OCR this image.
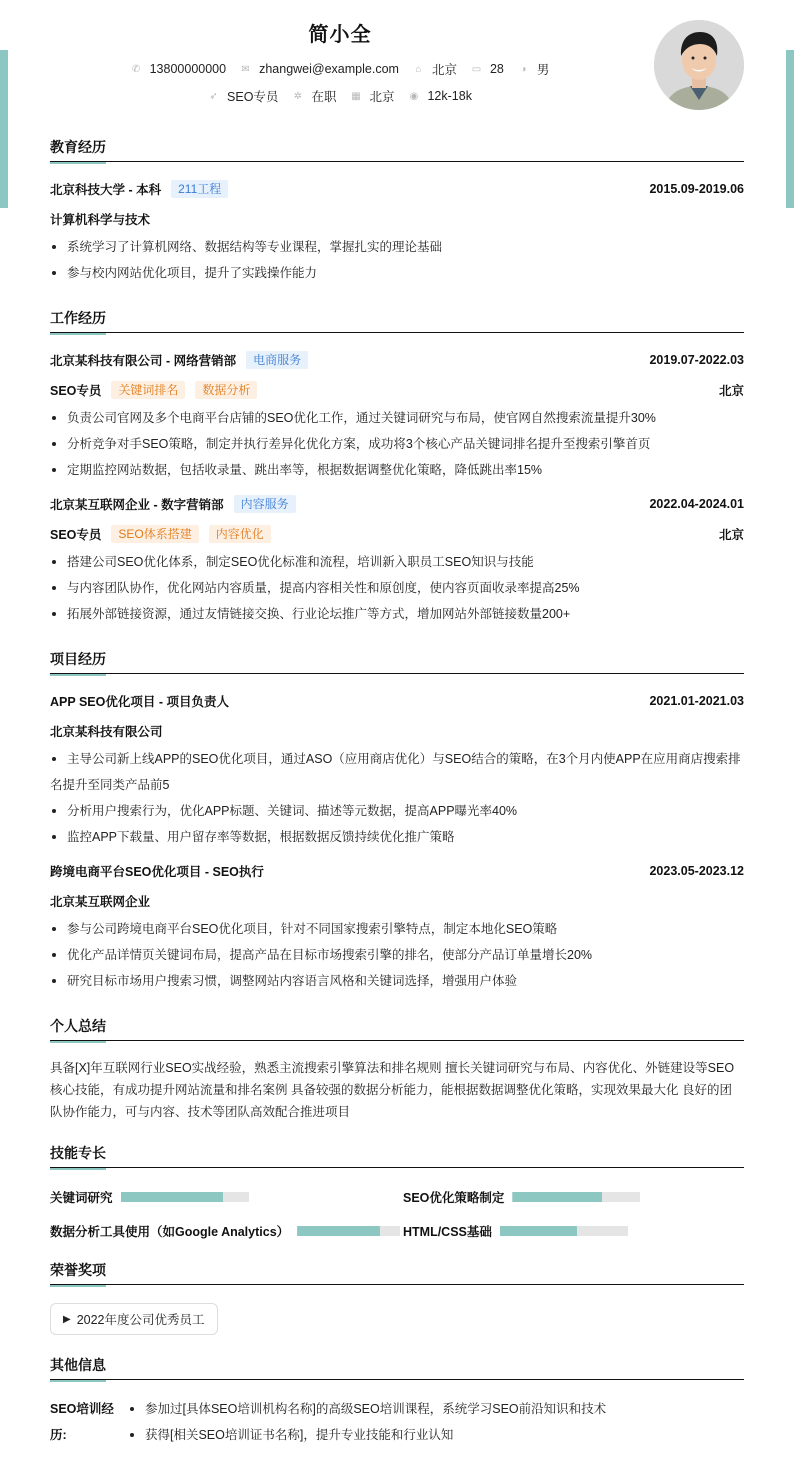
简小全
✆ 13800000000 ✉ zhangwei@example.com ⌂ 北京 ▭ 28 ◑ 男
➶ SEO专员 ✲ 在职 ▦ 北京 ◉ 12k-18k
教育经历
北京科技大学 - 本科	211工程	2015.09-2019.06
计算机科学与技术
系统学习了计算机网络、数据结构等专业课程，掌握扎实的理论基础
参与校内网站优化项目，提升了实践操作能力
工作经历
北京某科技有限公司 - 网络营销部	电商服务	2019.07-2022.03
SEO专员	关键词排名	数据分析	北京
负责公司官网及多个电商平台店铺的SEO优化工作，通过关键词研究与布局，使官网自然搜索流量提升30%
分析竞争对手SEO策略，制定并执行差异化优化方案，成功将3个核心产品关键词排名提升至搜索引擎首页
定期监控网站数据，包括收录量、跳出率等，根据数据调整优化策略，降低跳出率15%
北京某互联网企业 - 数字营销部	内容服务	2022.04-2024.01
SEO专员	SEO体系搭建	内容优化	北京
搭建公司SEO优化体系，制定SEO优化标准和流程，培训新入职员工SEO知识与技能
与内容团队协作，优化网站内容质量，提高内容相关性和原创度，使内容页面收录率提高25%
拓展外部链接资源，通过友情链接交换、行业论坛推广等方式，增加网站外部链接数量200+
项目经历
APP SEO优化项目 - 项目负责人	2021.01-2021.03
北京某科技有限公司
主导公司新上线APP的SEO优化项目，通过ASO（应用商店优化）与SEO结合的策略，在3个月内使APP在应用商店搜索排名提升至同类产品前5
分析用户搜索行为，优化APP标题、关键词、描述等元数据，提高APP曝光率40%
监控APP下载量、用户留存率等数据，根据数据反馈持续优化推广策略
跨境电商平台SEO优化项目 - SEO执行	2023.05-2023.12
北京某互联网企业
参与公司跨境电商平台SEO优化项目，针对不同国家搜索引擎特点，制定本地化SEO策略
优化产品详情页关键词布局，提高产品在目标市场搜索引擎的排名，使部分产品订单量增长20%
研究目标市场用户搜索习惯，调整网站内容语言风格和关键词选择，增强用户体验
个人总结
具备[X]年互联网行业SEO实战经验，熟悉主流搜索引擎算法和排名规则 擅长关键词研究与布局、内容优化、外链建设等SEO核心技能，有成功提升网站流量和排名案例 具备较强的数据分析能力，能根据数据调整优化策略，实现效果最大化 良好的团队协作能力，可与内容、技术等团队高效配合推进项目
技能专长
关键词研究	SEO优化策略制定
数据分析工具使用（如Google Analytics）	HTML/CSS基础
荣誉奖项
▶ 2022年度公司优秀员工
其他信息
SEO培训经历:
参加过[具体SEO培训机构名称]的高级SEO培训课程，系统学习SEO前沿知识和技术
获得[相关SEO培训证书名称]，提升专业技能和行业认知
